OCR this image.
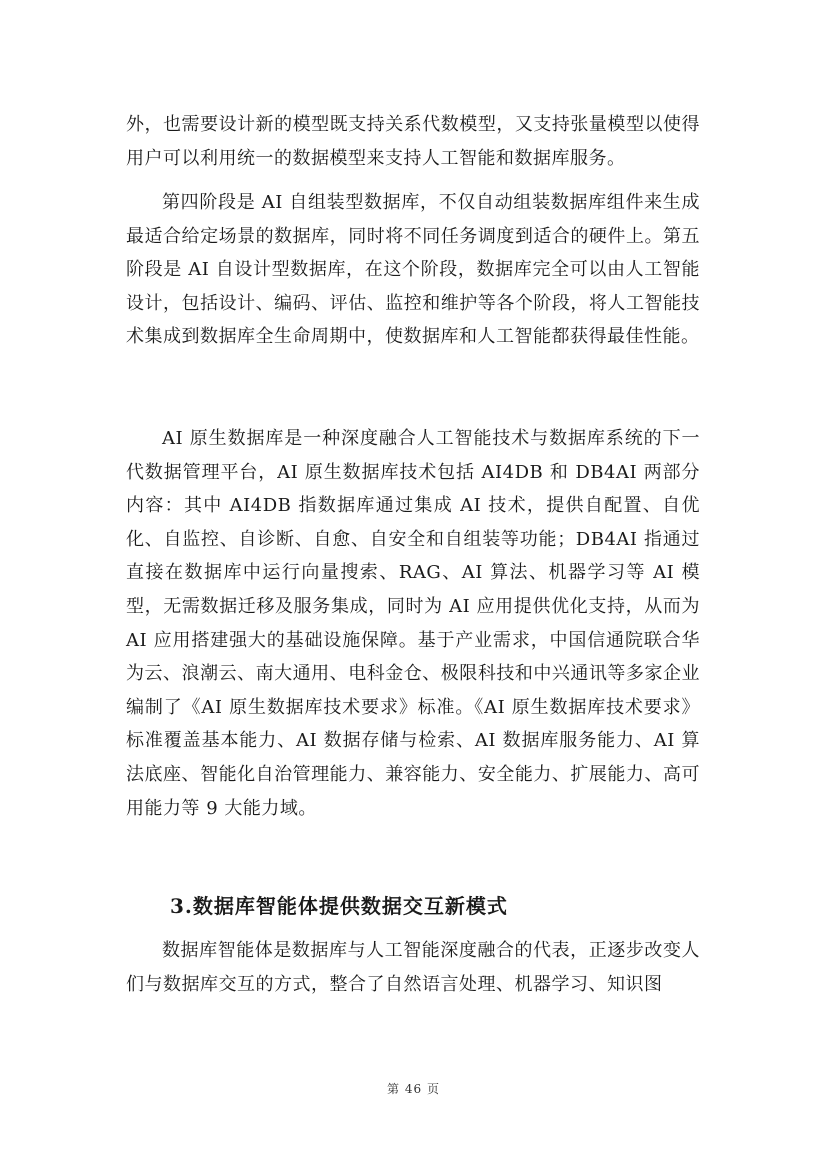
外，也需要设计新的模型既支持关系代数模型，又支持张量模型以使得用户可以利用统一的数据模型来支持人工智能和数据库服务。

第四阶段是 AI 自组装型数据库，不仅自动组装数据库组件来生成最适合给定场景的数据库，同时将不同任务调度到适合的硬件上。第五阶段是 AI 自设计型数据库，在这个阶段，数据库完全可以由人工智能设计，包括设计、编码、评估、监控和维护等各个阶段，将人工智能技术集成到数据库全生命周期中，使数据库和人工智能都获得最佳性能。

AI 原生数据库是一种深度融合人工智能技术与数据库系统的下一代数据管理平台，AI 原生数据库技术包括 AI4DB 和 DB4AI 两部分内容：其中 AI4DB 指数据库通过集成 AI 技术，提供自配置、自优化、自监控、自诊断、自愈、自安全和自组装等功能；DB4AI 指通过直接在数据库中运行向量搜索、RAG、AI 算法、机器学习等 AI 模型，无需数据迁移及服务集成，同时为 AI 应用提供优化支持，从而为 AI 应用搭建强大的基础设施保障。基于产业需求，中国信通院联合华为云、浪潮云、南大通用、电科金仓、极限科技和中兴通讯等多家企业编制了《AI 原生数据库技术要求》标准。《AI 原生数据库技术要求》标准覆盖基本能力、AI 数据存储与检索、AI 数据库服务能力、AI 算法底座、智能化自治管理能力、兼容能力、安全能力、扩展能力、高可用能力等 9 大能力域。

3.数据库智能体提供数据交互新模式

数据库智能体是数据库与人工智能深度融合的代表，正逐步改变人们与数据库交互的方式，整合了自然语言处理、机器学习、知识图

第 46 页
